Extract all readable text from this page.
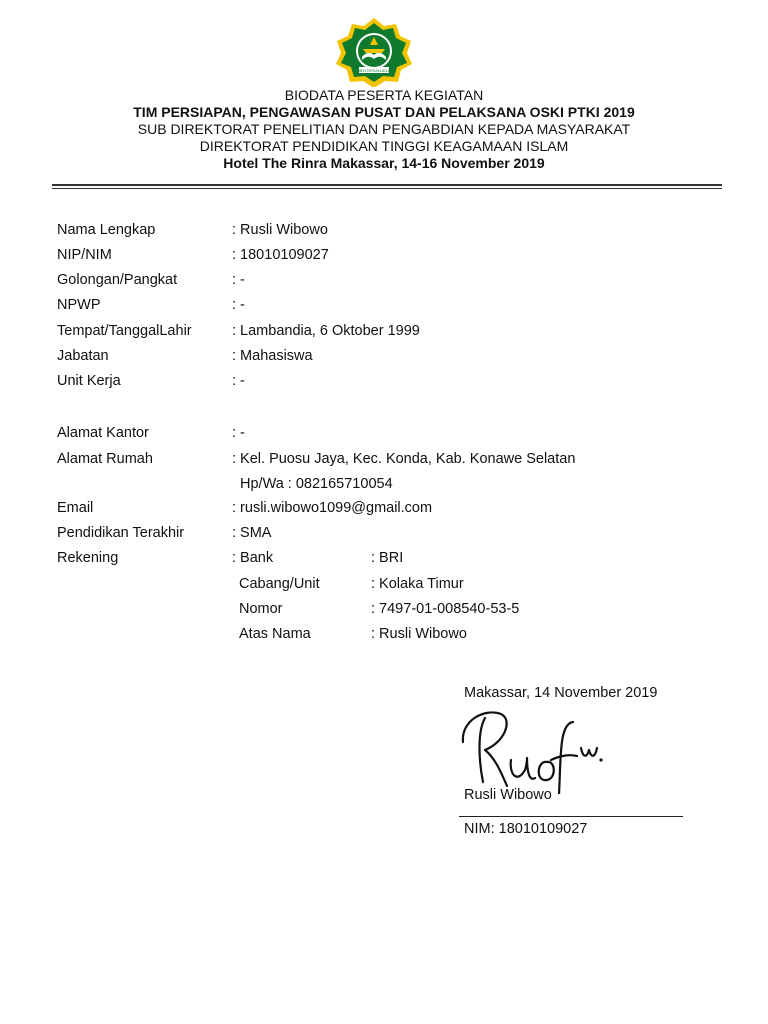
KEMENTERIAN AGAMA
BIODATA PESERTA KEGIATAN
TIM PERSIAPAN, PENGAWASAN PUSAT DAN PELAKSANA OSKI PTKI 2019
SUB DIREKTORAT PENELITIAN DAN PENGABDIAN KEPADA MASYARAKAT
DIREKTORAT PENDIDIKAN TINGGI KEAGAMAAN ISLAM
Hotel The Rinra Makassar, 14-16 November 2019
Nama Lengkap	: Rusli Wibowo
NIP/NIM	: 18010109027
Golongan/Pangkat	: -
NPWP	: -
Tempat/TanggalLahir	: Lambandia, 6 Oktober 1999
Jabatan	: Mahasiswa
Unit Kerja	: -
Alamat Kantor	: -
Alamat Rumah	: Kel. Puosu Jaya, Kec. Konda, Kab. Konawe Selatan
Hp/Wa : 082165710054
Email	: rusli.wibowo1099@gmail.com
Pendidikan Terakhir	: SMA
Rekening	: Bank	: BRI
Cabang/Unit	: Kolaka Timur
Nomor	: 7497-01-008540-53-5
Atas Nama	: Rusli Wibowo
Makassar, 14 November 2019
Rusli Wibowo
NIM: 18010109027
